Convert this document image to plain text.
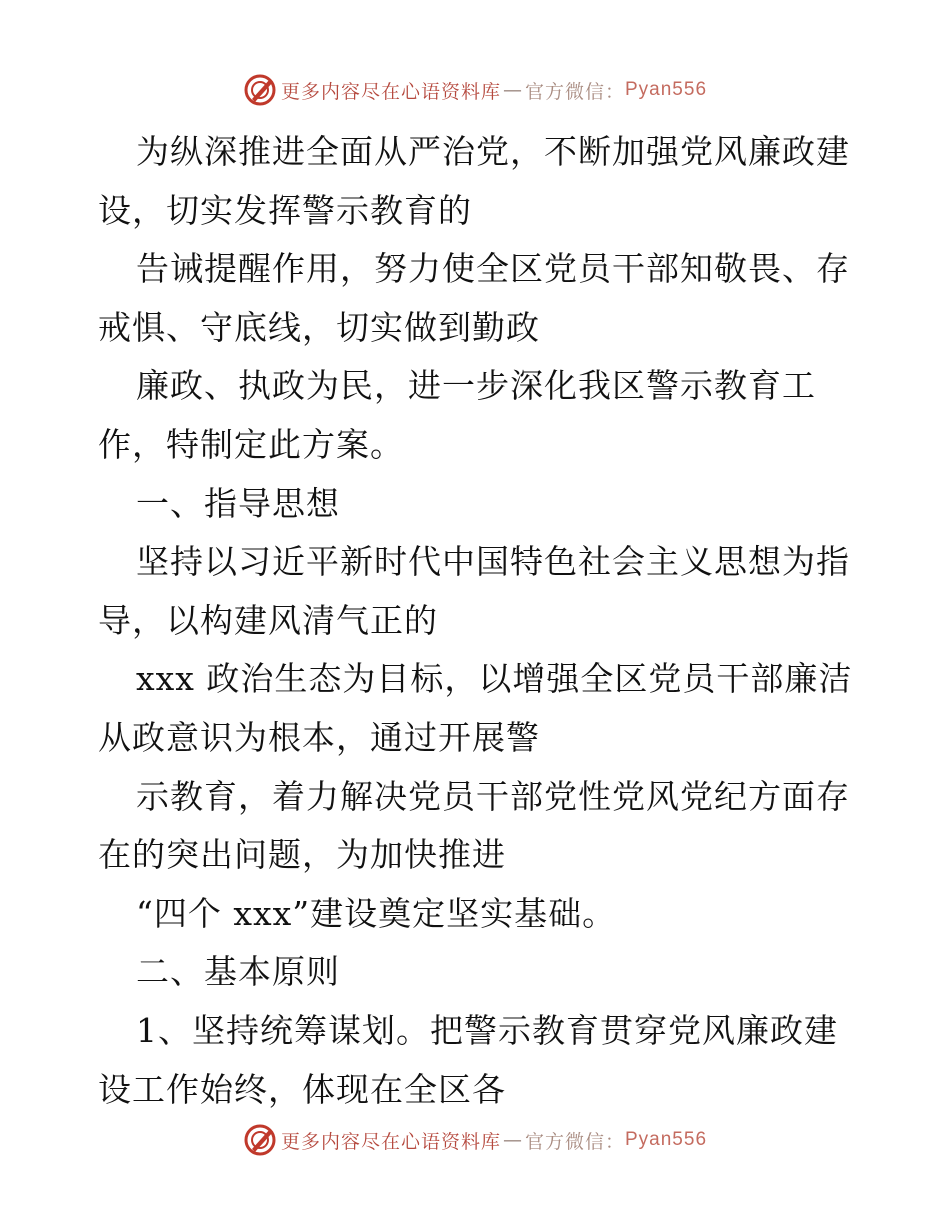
更多内容尽在心语资料库 — 官方微信： Pyan556
为纵深推进全面从严治党，不断加强党风廉政建
设，切实发挥警示教育的
告诫提醒作用，努力使全区党员干部知敬畏、存
戒惧、守底线，切实做到勤政
廉政、执政为民，进一步深化我区警示教育工
作，特制定此方案。
一、指导思想
坚持以习近平新时代中国特色社会主义思想为指
导，以构建风清气正的
xxx 政治生态为目标，以增强全区党员干部廉洁
从政意识为根本，通过开展警
示教育，着力解决党员干部党性党风党纪方面存
在的突出问题，为加快推进
“四个 xxx”建设奠定坚实基础。
二、基本原则
1、坚持统筹谋划。把警示教育贯穿党风廉政建
设工作始终，体现在全区各
更多内容尽在心语资料库 — 官方微信： Pyan556
